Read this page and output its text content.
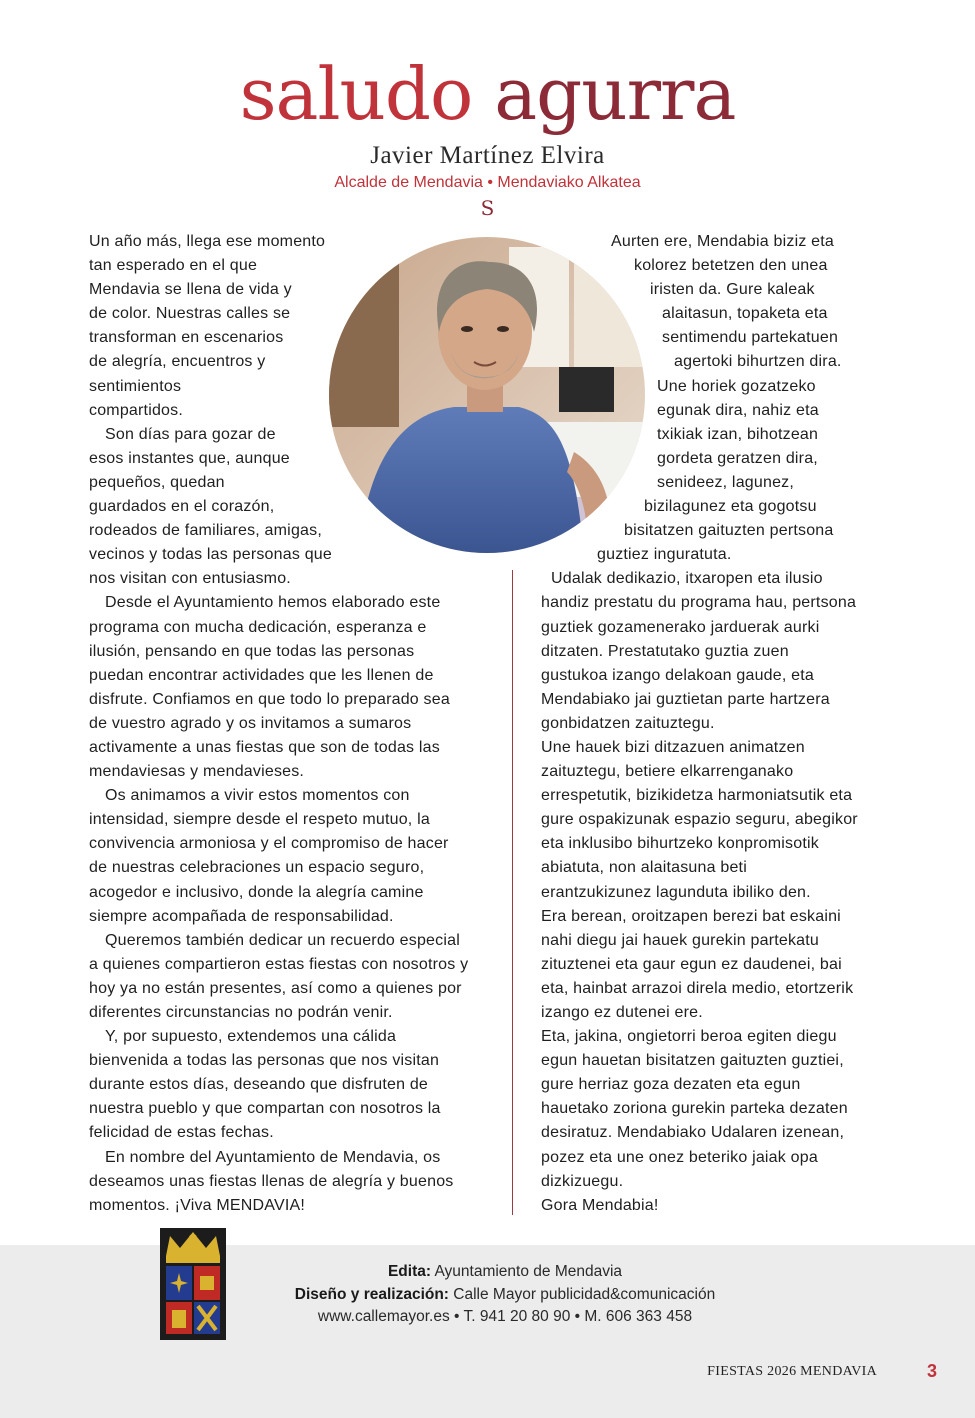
saludo agurra
Javier Martínez Elvira
Alcalde de Mendavia • Mendaviako Alkatea
S
Un año más, llega ese momento
tan esperado en el que
Mendavia se llena de vida y
de color. Nuestras calles se
transforman en escenarios
de alegría, encuentros y
sentimientos
compartidos.
Son días para gozar de
esos instantes que, aunque
pequeños, quedan
guardados en el corazón,
rodeados de familiares, amigas,
vecinos y todas las personas que
nos visitan con entusiasmo.
Desde el Ayuntamiento hemos elaborado este
programa con mucha dedicación, esperanza e
ilusión, pensando en que todas las personas
puedan encontrar actividades que les llenen de
disfrute. Confiamos en que todo lo preparado sea
de vuestro agrado y os invitamos a sumaros
activamente a unas fiestas que son de todas las
mendaviesas y mendavieses.
Os animamos a vivir estos momentos con
intensidad, siempre desde el respeto mutuo, la
convivencia armoniosa y el compromiso de hacer
de nuestras celebraciones un espacio seguro,
acogedor e inclusivo, donde la alegría camine
siempre acompañada de responsabilidad.
Queremos también dedicar un recuerdo especial
a quienes compartieron estas fiestas con nosotros y
hoy ya no están presentes, así como a quienes por
diferentes circunstancias no podrán venir.
Y, por supuesto, extendemos una cálida
bienvenida a todas las personas que nos visitan
durante estos días, deseando que disfruten de
nuestra pueblo y que compartan con nosotros la
felicidad de estas fechas.
En nombre del Ayuntamiento de Mendavia, os
deseamos unas fiestas llenas de alegría y buenos
momentos. ¡Viva MENDAVIA!
Aurten ere, Mendabia biziz eta
kolorez betetzen den unea
iristen da. Gure kaleak
alaitasun, topaketa eta
sentimendu partekatuen
agertoki bihurtzen dira.
Une horiek gozatzeko
egunak dira, nahiz eta
txikiak izan, bihotzean
gordeta geratzen dira,
senideez, lagunez,
bizilagunez eta gogotsu
bisitatzen gaituzten pertsona
guztiez inguratuta.
Udalak dedikazio, itxaropen eta ilusio
handiz prestatu du programa hau, pertsona
guztiek gozamenerako jarduerak aurki
ditzaten. Prestatutako guztia zuen
gustukoa izango delakoan gaude, eta
Mendabiako jai guztietan parte hartzera
gonbidatzen zaituztegu.
Une hauek bizi ditzazuen animatzen
zaituztegu, betiere elkarrenganako
errespetutik, bizikidetza harmoniatsutik eta
gure ospakizunak espazio seguru, abegikor
eta inklusibo bihurtzeko konpromisotik
abiatuta, non alaitasuna beti
erantzukizunez lagunduta ibiliko den.
Era berean, oroitzapen berezi bat eskaini
nahi diegu jai hauek gurekin partekatu
zituztenei eta gaur egun ez daudenei, bai
eta, hainbat arrazoi direla medio, etortzerik
izango ez dutenei ere.
Eta, jakina, ongietorri beroa egiten diegu
egun hauetan bisitatzen gaituzten guztiei,
gure herriaz goza dezaten eta egun
hauetako zoriona gurekin parteka dezaten
desiratuz. Mendabiako Udalaren izenean,
pozez eta une onez beteriko jaiak opa
dizkizuegu.
Gora Mendabia!
Edita: Ayuntamiento de Mendavia
Diseño y realización: Calle Mayor publicidad&comunicación
www.callemayor.es • T. 941 20 80 90 • M. 606 363 458
FIESTAS 2026 MENDAVIA	3
